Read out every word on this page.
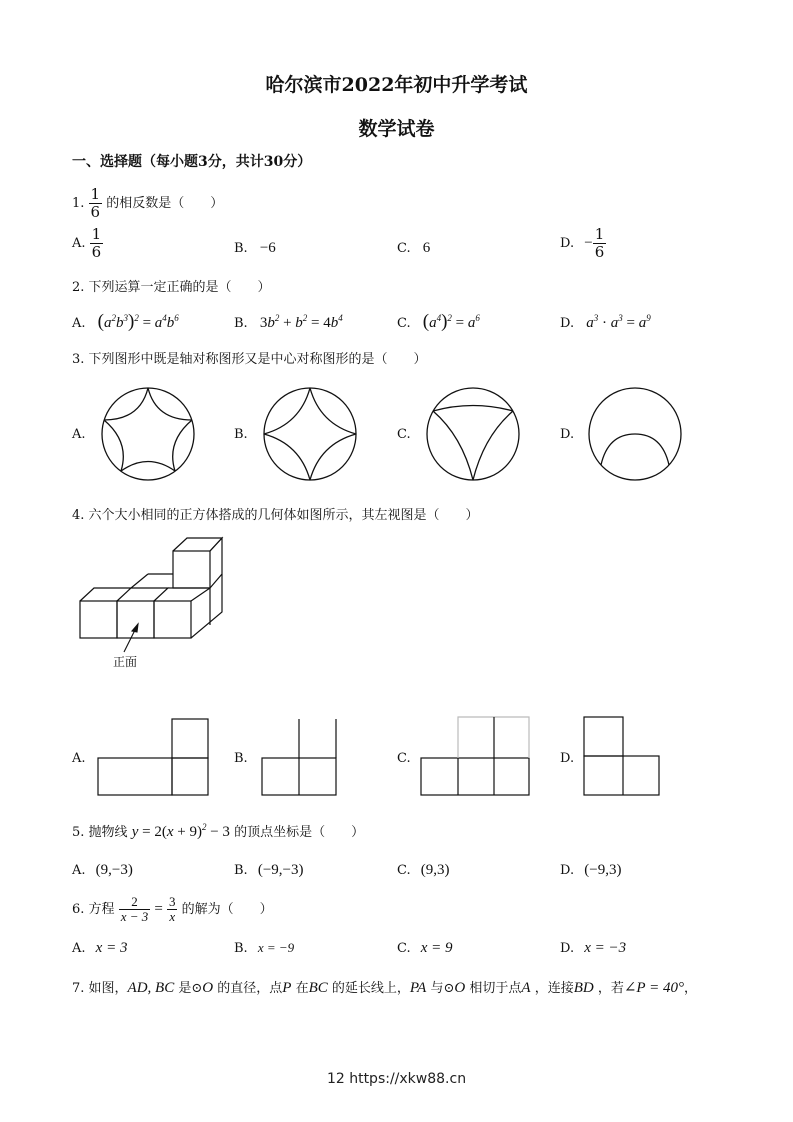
哈尔滨市2022年初中升学考试
数学试卷
一、选择题（每小题3分，共计30分）
1. $\frac{1}{6}$ 的相反数是（　　）
A. $\frac{1}{6}$	B. −6	C. 6	D. − $\frac{1}{6}$
2. 下列运算一定正确的是（　　）
A. $(a^2b^3)^2 = a^4b^6$	B. $3b^2 + b^2 = 4b^4$	C. $(a^4)^2 = a^6$	D. $a^3 \cdot a^3 = a^9$
3. 下列图形中既是轴对称图形又是中心对称图形的是（　　）
A.	B.	C.	D.
4. 六个大小相同的正方体搭成的几何体如图所示，其左视图是（　　）
正面
A.	B.	C.	D.
5. 抛物线 $y = 2(x + 9)^2 - 3$ 的顶点坐标是（　　）
A. (9,−3)	B. (−9,−3)	C. (9,3)	D. (−9,3)
6. 方程 $\frac{2}{x - 3} = \frac{3}{x}$ 的解为（　　）
A. x = 3	B. x = −9	C. x = 9	D. x = −3
7. 如图，AD, BC 是⊙O 的直径，点P 在BC 的延长线上，PA 与⊙O 相切于点A ，连接BD ，若∠P = 40°，
12 https://xkw88.cn
